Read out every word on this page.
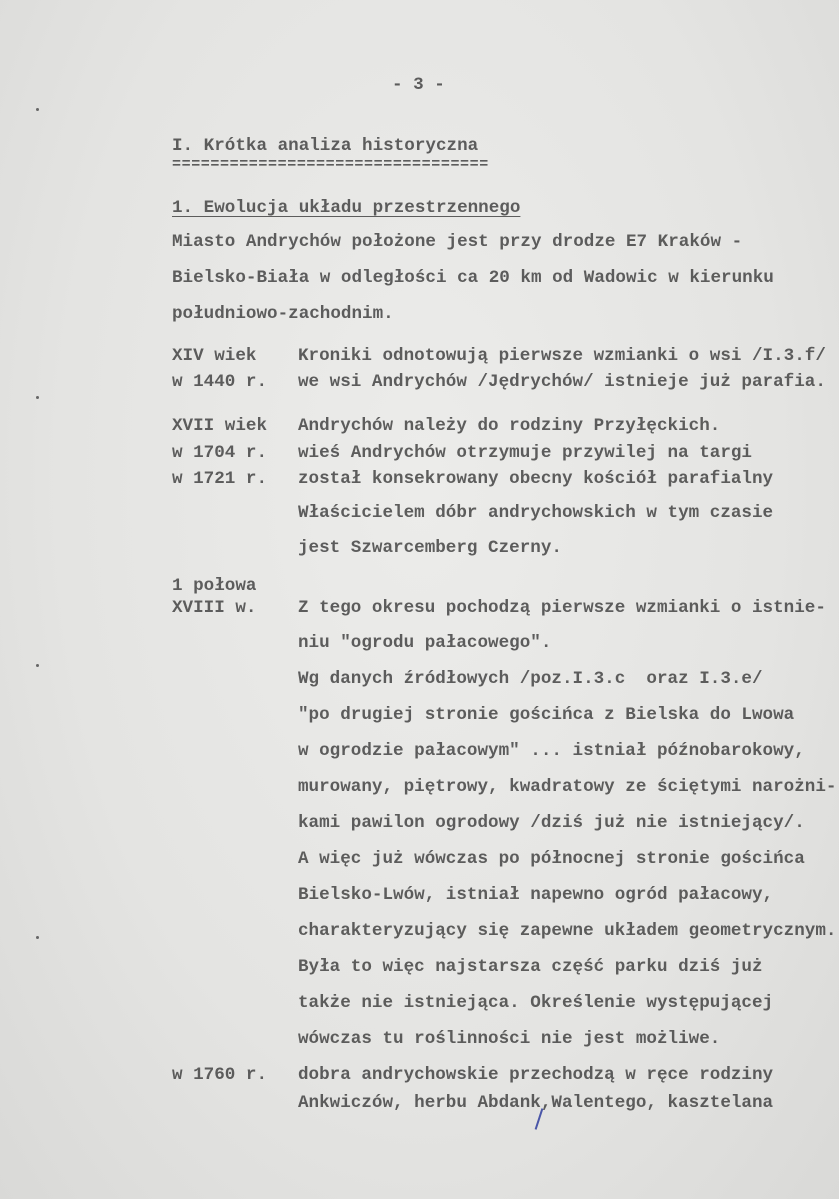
- 3 -
I. Krótka analiza historyczna
=================================
1. Ewolucja układu przestrzennego
Miasto Andrychów położone jest przy drodze E7 Kraków -
Bielsko-Biała w odległości ca 20 km od Wadowic w kierunku
południowo-zachodnim.
XIV wiek Kroniki odnotowują pierwsze wzmianki o wsi /I.3.f/
w 1440 r. we wsi Andrychów /Jędrychów/ istnieje już parafia.
XVII wiek Andrychów należy do rodziny Przyłęckich.
w 1704 r. wieś Andrychów otrzymuje przywilej na targi
w 1721 r. został konsekrowany obecny kościół parafialny
Właścicielem dóbr andrychowskich w tym czasie
jest Szwarcemberg Czerny.
1 połowa
XVIII w. Z tego okresu pochodzą pierwsze wzmianki o istnie-
niu "ogrodu pałacowego".
Wg danych źródłowych /poz.I.3.c  oraz I.3.e/
"po drugiej stronie gościńca z Bielska do Lwowa
w ogrodzie pałacowym" ... istniał późnobarokowy,
murowany, piętrowy, kwadratowy ze ściętymi narożni-
kami pawilon ogrodowy /dziś już nie istniejący/.
A więc już wówczas po północnej stronie gościńca
Bielsko-Lwów, istniał napewno ogród pałacowy,
charakteryzujący się zapewne układem geometrycznym.
Była to więc najstarsza część parku dziś już
także nie istniejąca. Określenie występującej
wówczas tu roślinności nie jest możliwe.
w 1760 r. dobra andrychowskie przechodzą w ręce rodziny
Ankwiczów, herbu Abdank,Walentego, kasztelana
